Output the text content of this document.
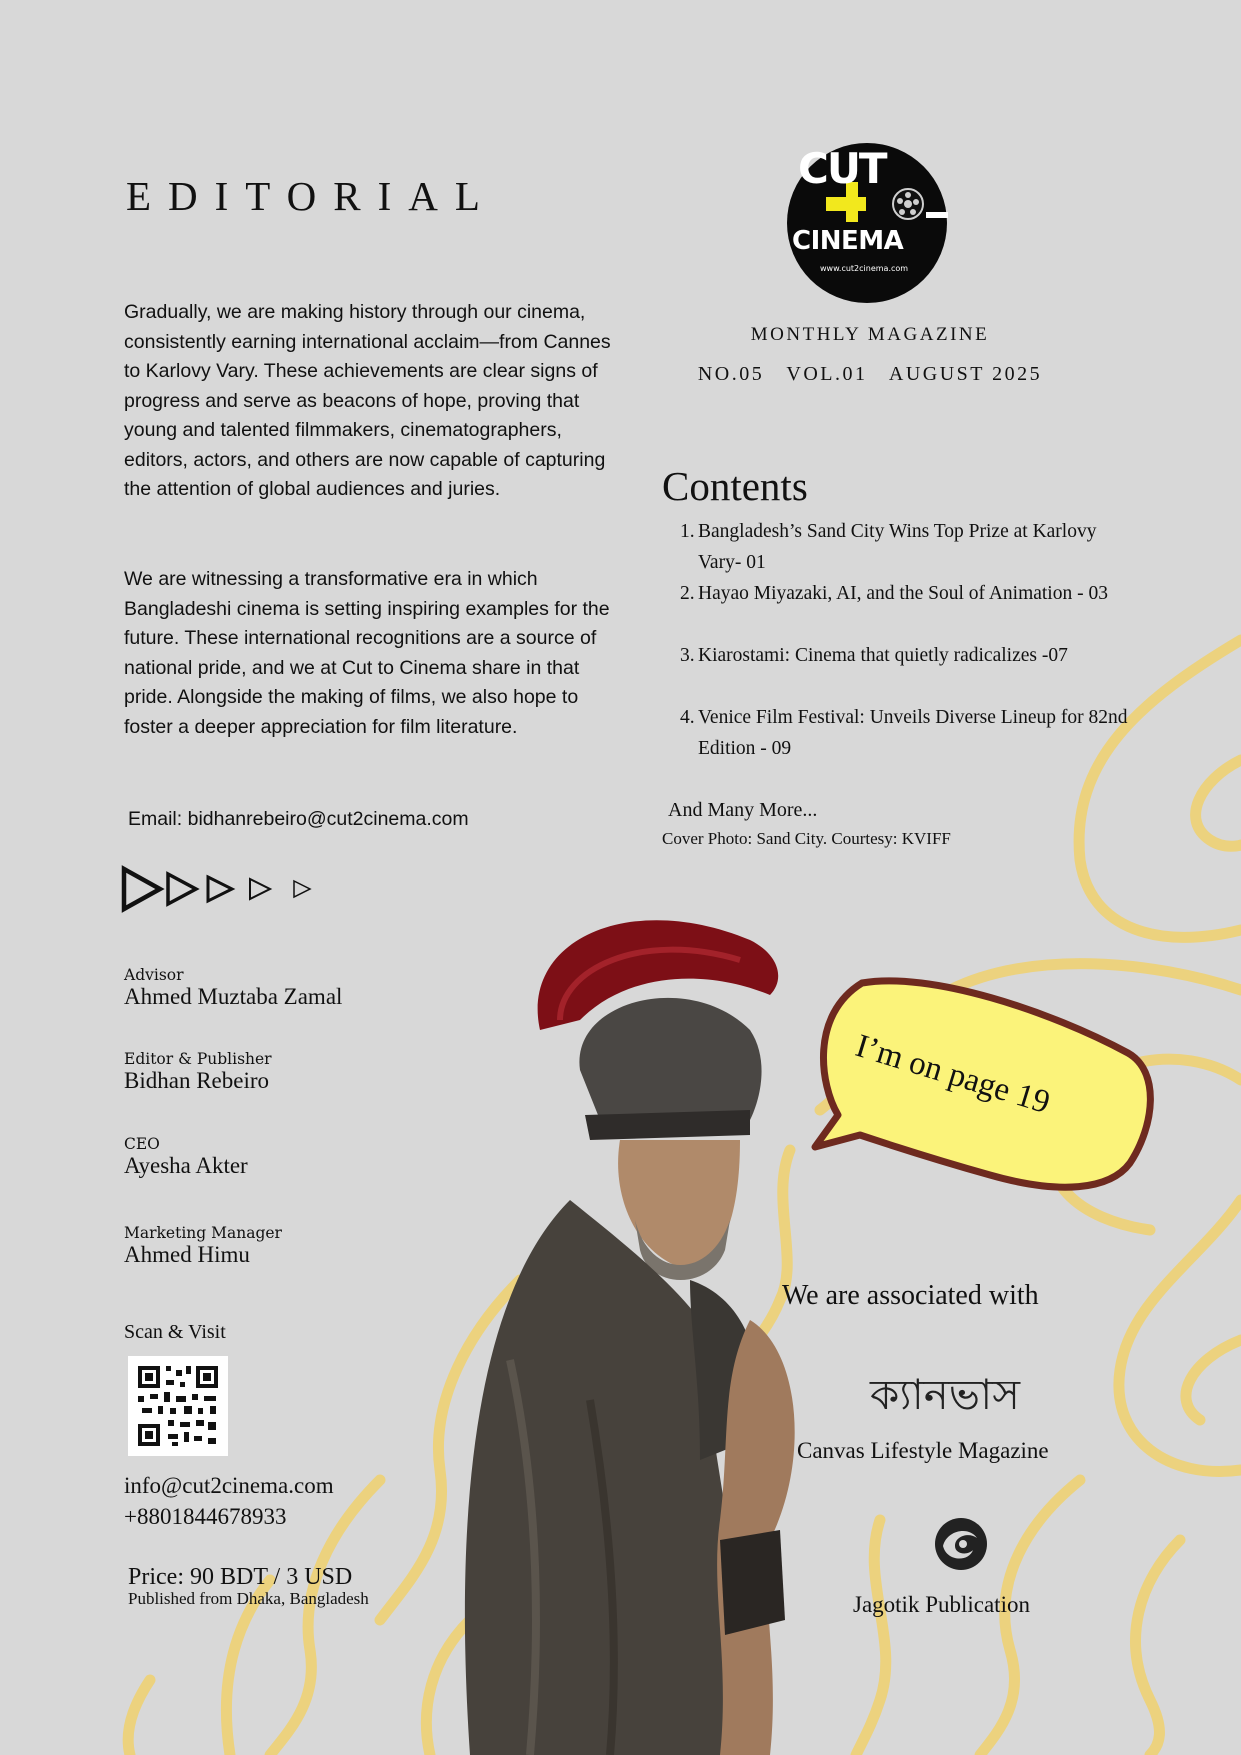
EDITORIAL
Gradually, we are making history through our cinema, consistently earning international acclaim—from Cannes to Karlovy Vary. These achievements are clear signs of progress and serve as beacons of hope, proving that young and talented filmmakers, cinematographers, editors, actors, and others are now capable of capturing the attention of global audiences and juries.
We are witnessing a transformative era in which Bangladeshi cinema is setting inspiring examples for the future. These international recognitions are a source of national pride, and we at Cut to Cinema share in that pride. Alongside the making of films, we also hope to foster a deeper appreciation for film literature.
Email: bidhanrebeiro@cut2cinema.com
Advisor
Ahmed Muztaba Zamal
Editor & Publisher
Bidhan Rebeiro
CEO
Ayesha Akter
Marketing Manager
Ahmed Himu
Scan & Visit
info@cut2cinema.com
+8801844678933
Price: 90 BDT / 3 USD
Published from Dhaka, Bangladesh
CUT
CINEMA
www.cut2cinema.com
MONTHLY MAGAZINE
NO.05   VOL.01   AUGUST 2025
Contents
1. Bangladesh’s Sand City Wins Top Prize at Karlovy Vary- 01
2. Hayao Miyazaki, AI, and the Soul of Animation - 03
3. Kiarostami: Cinema that quietly radicalizes -07
4. Venice Film Festival: Unveils Diverse Lineup for 82nd Edition - 09
And Many More...
Cover Photo: Sand City. Courtesy: KVIFF
I’m on page 19
We are associated with
ক্যানভাস
Canvas Lifestyle Magazine
Jagotik Publication
